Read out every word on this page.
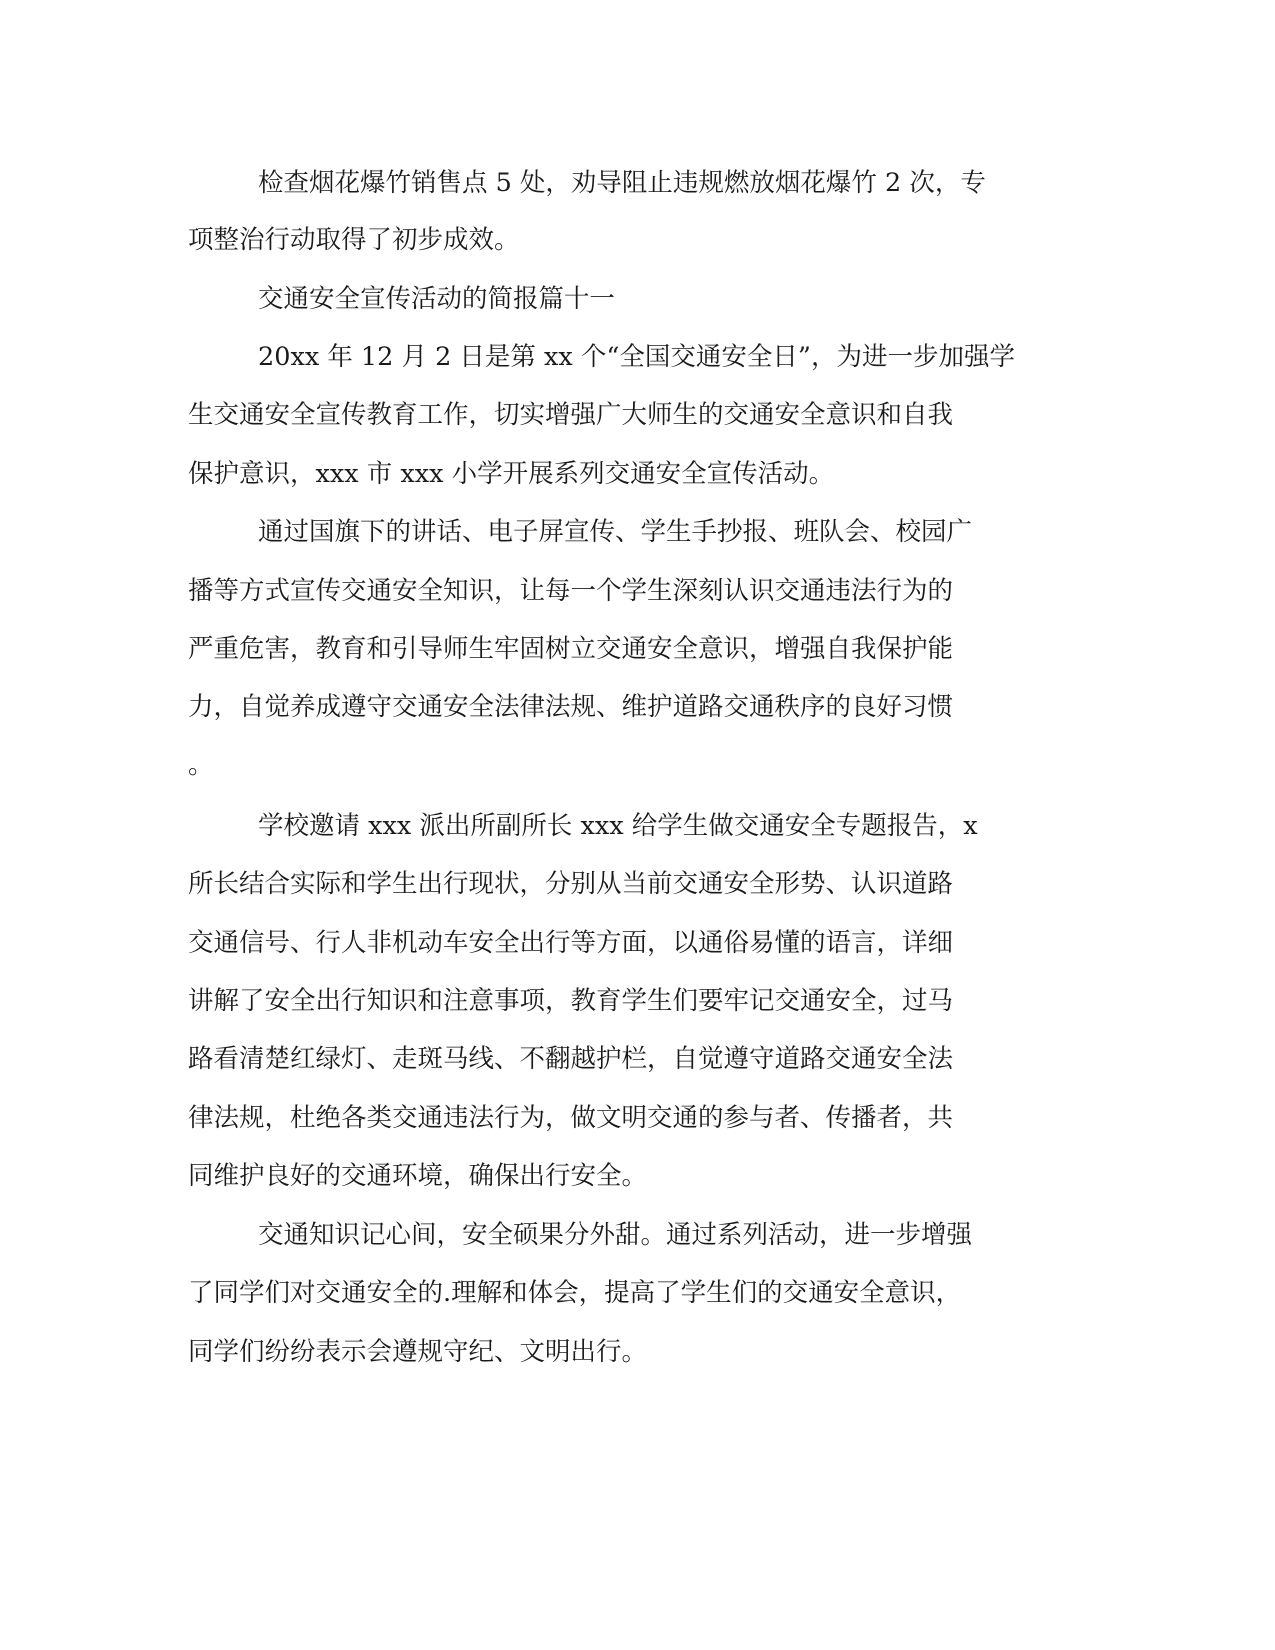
检查烟花爆竹销售点 5 处，劝导阻止违规燃放烟花爆竹 2 次，专
项整治行动取得了初步成效。
交通安全宣传活动的简报篇十一
20xx 年 12 月 2 日是第 xx 个“全国交通安全日”，为进一步加强学
生交通安全宣传教育工作，切实增强广大师生的交通安全意识和自我
保护意识，xxx 市 xxx 小学开展系列交通安全宣传活动。
通过国旗下的讲话、电子屏宣传、学生手抄报、班队会、校园广
播等方式宣传交通安全知识，让每一个学生深刻认识交通违法行为的
严重危害，教育和引导师生牢固树立交通安全意识，增强自我保护能
力，自觉养成遵守交通安全法律法规、维护道路交通秩序的良好习惯
。
学校邀请 xxx 派出所副所长 xxx 给学生做交通安全专题报告，x
所长结合实际和学生出行现状，分别从当前交通安全形势、认识道路
交通信号、行人非机动车安全出行等方面，以通俗易懂的语言，详细
讲解了安全出行知识和注意事项，教育学生们要牢记交通安全，过马
路看清楚红绿灯、走斑马线、不翻越护栏，自觉遵守道路交通安全法
律法规，杜绝各类交通违法行为，做文明交通的参与者、传播者，共
同维护良好的交通环境，确保出行安全。
交通知识记心间，安全硕果分外甜。通过系列活动，进一步增强
了同学们对交通安全的.理解和体会，提高了学生们的交通安全意识，
同学们纷纷表示会遵规守纪、文明出行。
